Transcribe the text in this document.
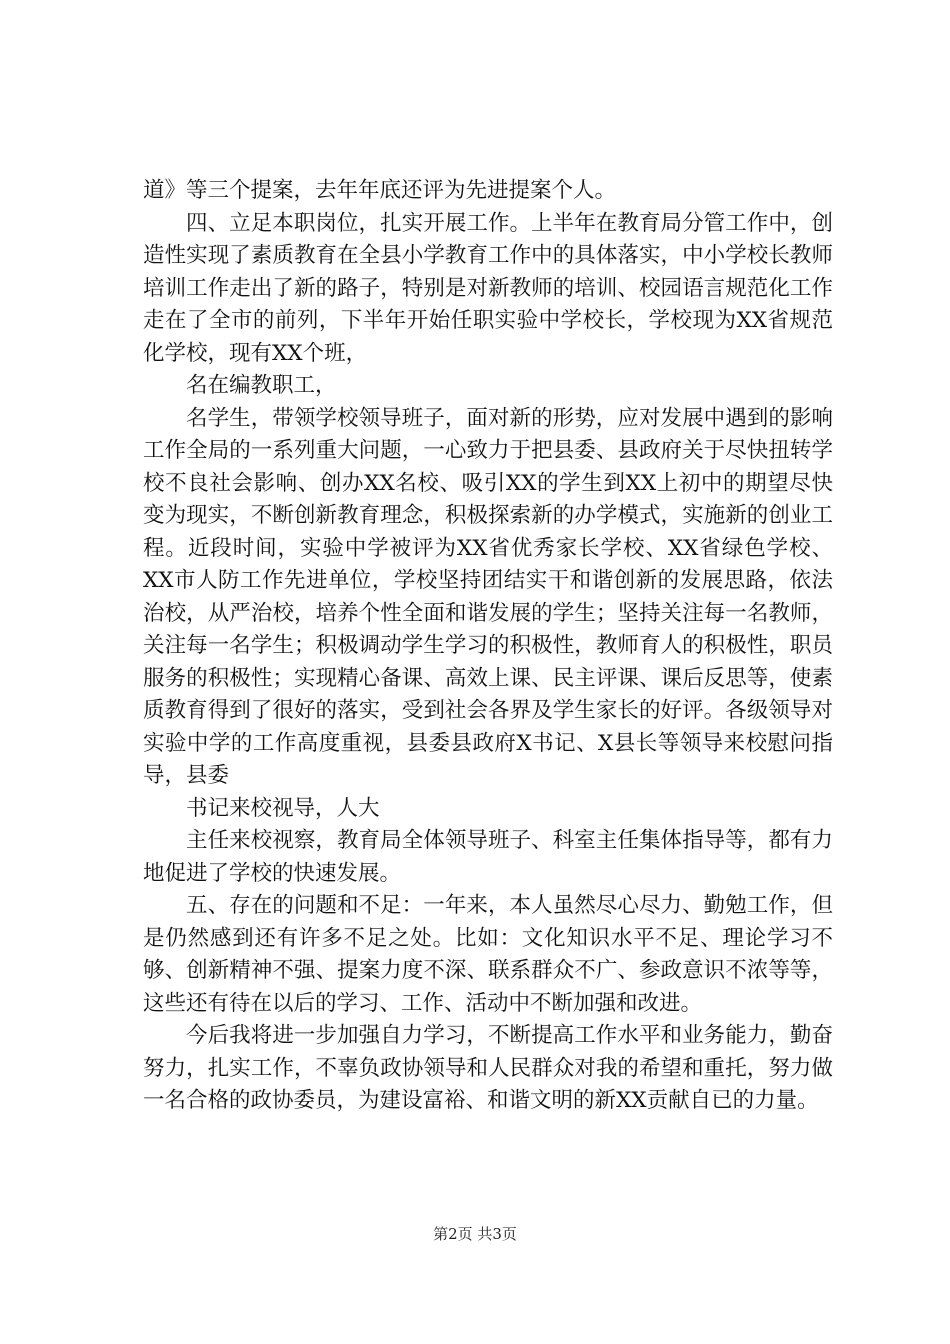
道》等三个提案，去年年底还评为先进提案个人。

四、立足本职岗位，扎实开展工作。上半年在教育局分管工作中，创造性实现了素质教育在全县小学教育工作中的具体落实，中小学校长教师培训工作走出了新的路子，特别是对新教师的培训、校园语言规范化工作走在了全市的前列，下半年开始任职实验中学校长，学校现为XX省规范化学校，现有XX个班，

名在编教职工，

名学生，带领学校领导班子，面对新的形势，应对发展中遇到的影响工作全局的一系列重大问题，一心致力于把县委、县政府关于尽快扭转学校不良社会影响、创办XX名校、吸引XX的学生到XX上初中的期望尽快变为现实，不断创新教育理念，积极探索新的办学模式，实施新的创业工程。近段时间，实验中学被评为XX省优秀家长学校、XX省绿色学校、XX市人防工作先进单位，学校坚持团结实干和谐创新的发展思路，依法治校，从严治校，培养个性全面和谐发展的学生；坚持关注每一名教师，关注每一名学生；积极调动学生学习的积极性，教师育人的积极性，职员服务的积极性；实现精心备课、高效上课、民主评课、课后反思等，使素质教育得到了很好的落实，受到社会各界及学生家长的好评。各级领导对实验中学的工作高度重视，县委县政府X书记、X县长等领导来校慰问指导，县委

书记来校视导，人大

主任来校视察，教育局全体领导班子、科室主任集体指导等，都有力地促进了学校的快速发展。

五、存在的问题和不足：一年来，本人虽然尽心尽力、勤勉工作，但是仍然感到还有许多不足之处。比如：文化知识水平不足、理论学习不够、创新精神不强、提案力度不深、联系群众不广、参政意识不浓等等，这些还有待在以后的学习、工作、活动中不断加强和改进。

今后我将进一步加强自力学习，不断提高工作水平和业务能力，勤奋努力，扎实工作，不辜负政协领导和人民群众对我的希望和重托，努力做一名合格的政协委员，为建设富裕、和谐文明的新XX贡献自已的力量。

第2页 共3页
